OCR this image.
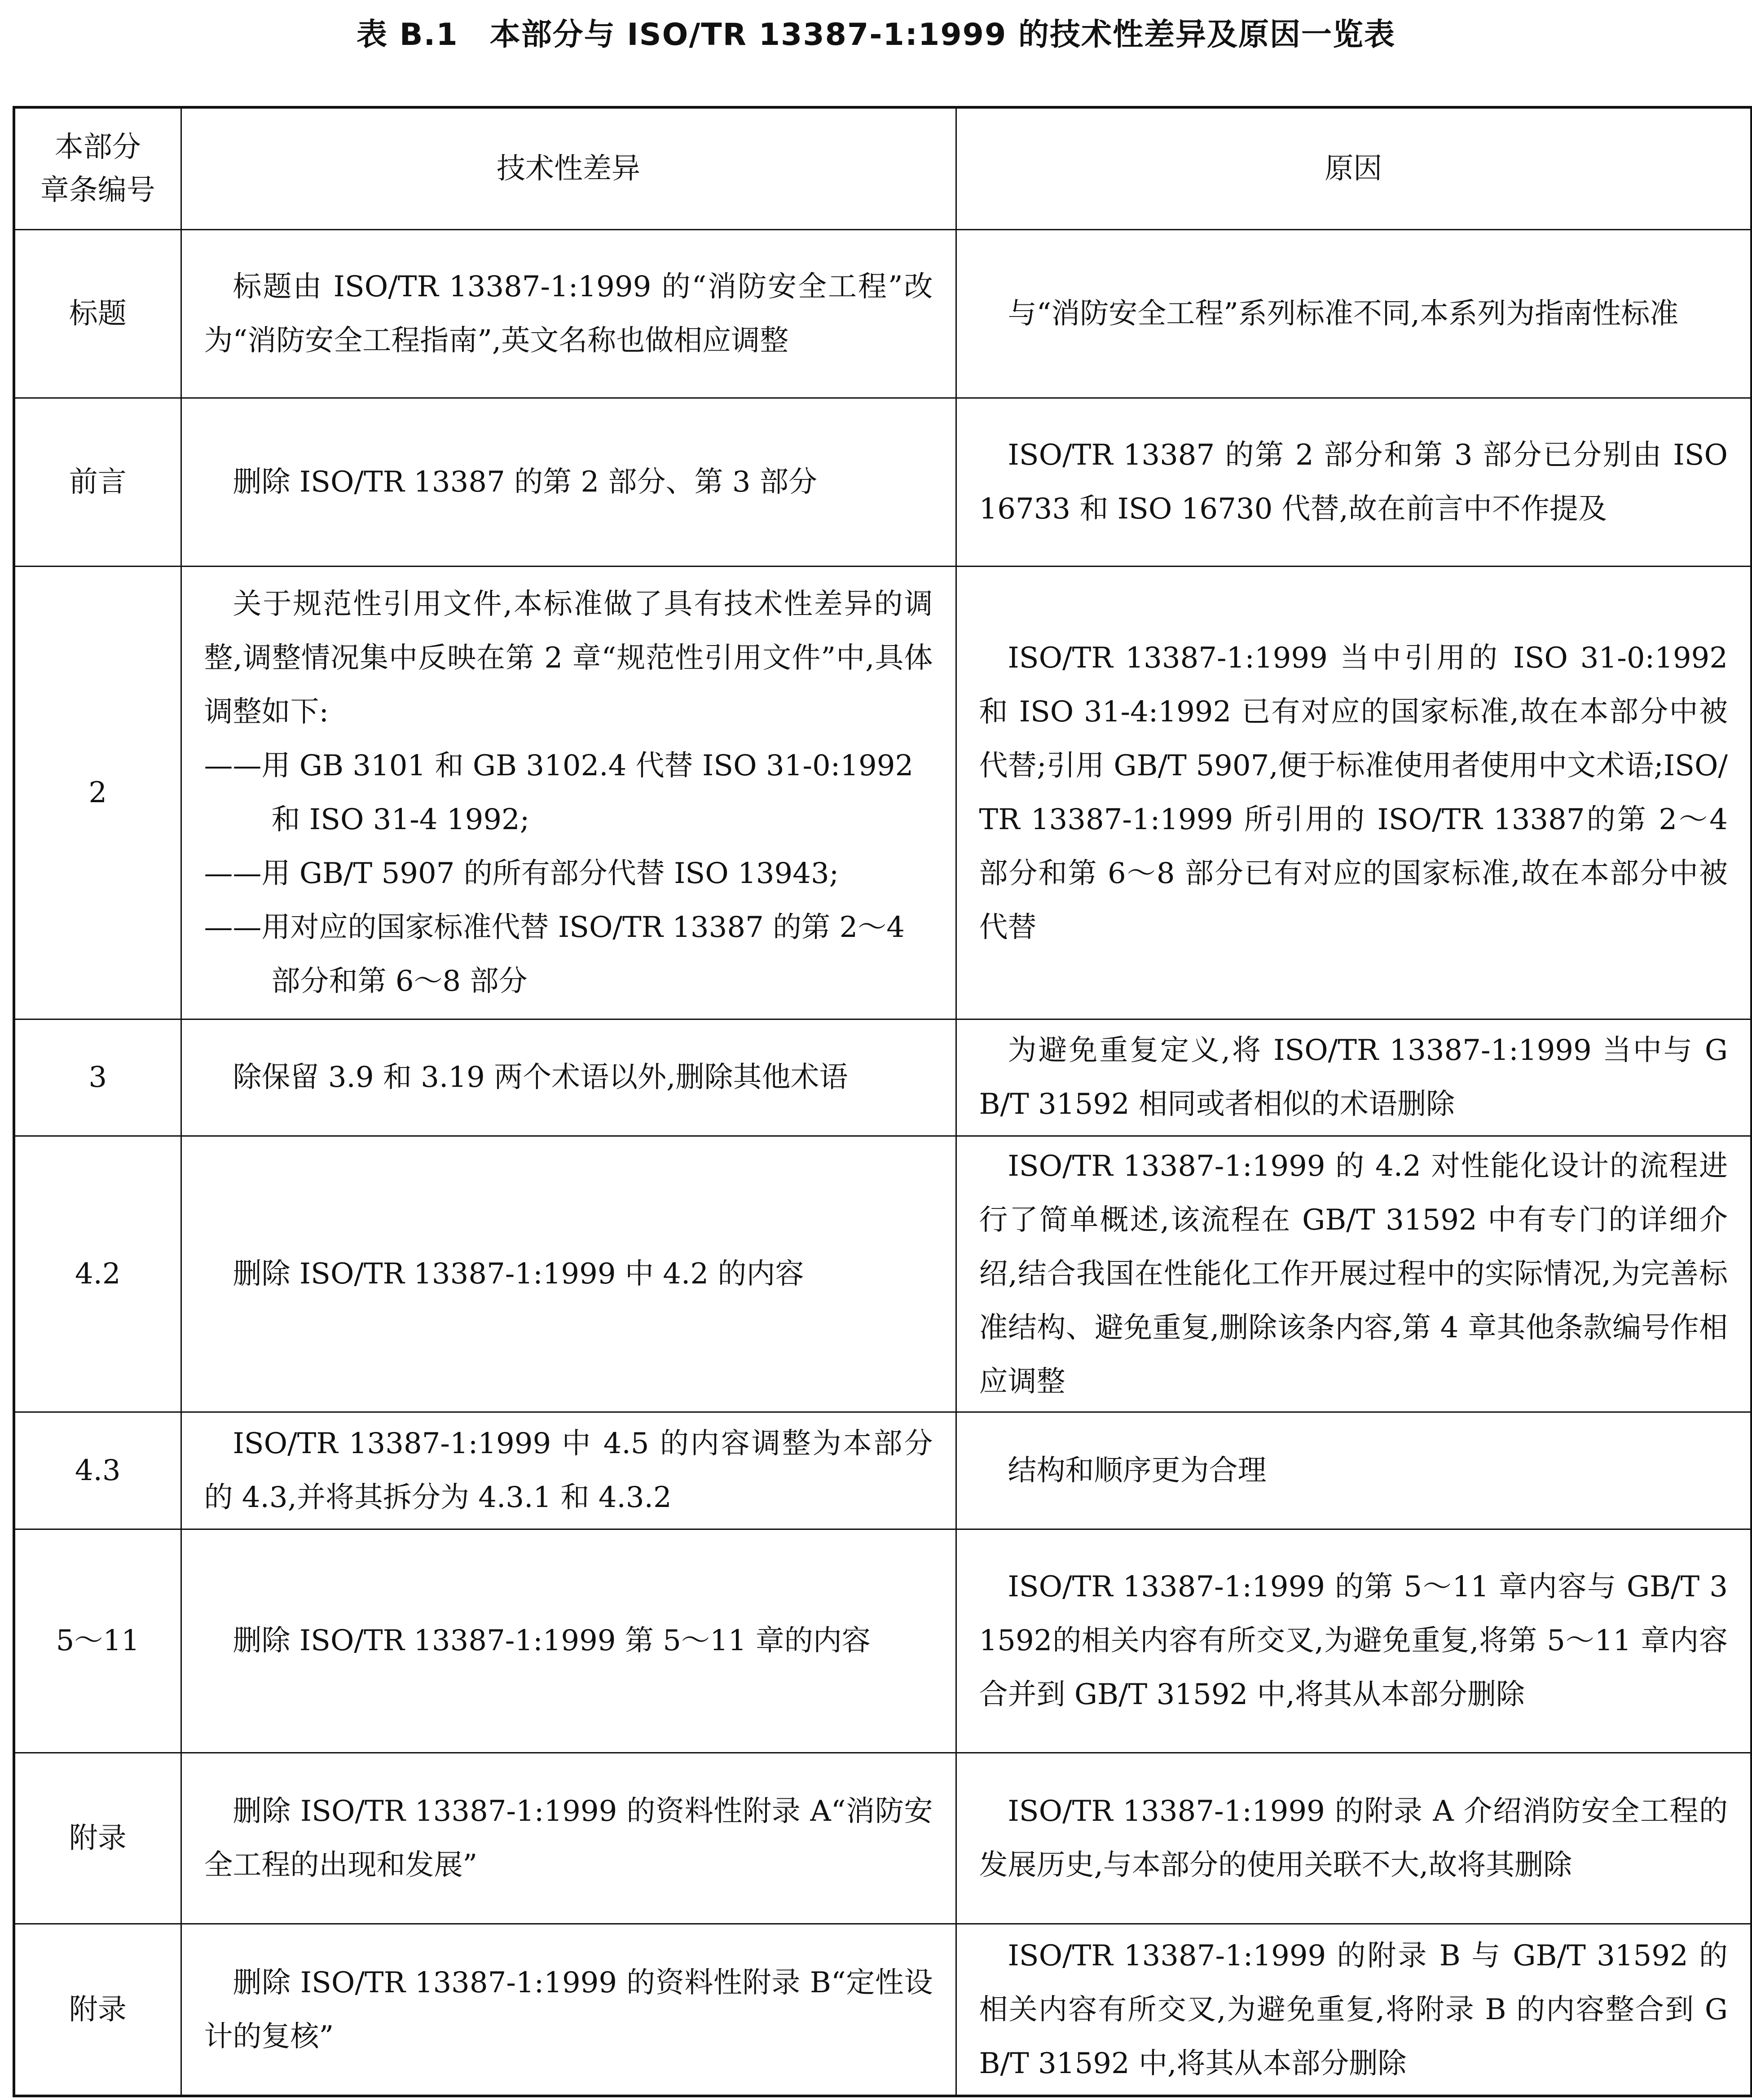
表 B.1　本部分与 ISO/TR 13387-1:1999 的技术性差异及原因一览表
本部分
章条编号	技术性差异	原因
标题	标题由 ISO/TR 13387-1:1999 的“消防安全工程”改为“消防安全工程指南”,英文名称也做相应调整	与“消防安全工程”系列标准不同,本系列为指南性标准
前言	删除 ISO/TR 13387 的第 2 部分、第 3 部分	ISO/TR 13387 的第 2 部分和第 3 部分已分别由 ISO 16733 和 ISO 16730 代替,故在前言中不作提及
2	关于规范性引用文件,本标准做了具有技术性差异的调整,调整情况集中反映在第 2 章“规范性引用文件”中,具体调整如下:
——用 GB 3101 和 GB 3102.4 代替 ISO 31-0:1992 和 ISO 31-4 1992;
——用 GB/T 5907 的所有部分代替 ISO 13943;
——用对应的国家标准代替 ISO/TR 13387 的第 2～4 部分和第 6～8 部分	ISO/TR 13387-1:1999 当中引用的 ISO 31-0:1992 和 ISO 31-4:1992 已有对应的国家标准,故在本部分中被代替;引用 GB/T 5907,便于标准使用者使用中文术语;ISO/TR 13387-1:1999 所引用的 ISO/TR 13387的第 2～4 部分和第 6～8 部分已有对应的国家标准,故在本部分中被代替
3	除保留 3.9 和 3.19 两个术语以外,删除其他术语	为避免重复定义,将 ISO/TR 13387-1:1999 当中与 GB/T 31592 相同或者相似的术语删除
4.2	删除 ISO/TR 13387-1:1999 中 4.2 的内容	ISO/TR 13387-1:1999 的 4.2 对性能化设计的流程进行了简单概述,该流程在 GB/T 31592 中有专门的详细介绍,结合我国在性能化工作开展过程中的实际情况,为完善标准结构、避免重复,删除该条内容,第 4 章其他条款编号作相应调整
4.3	ISO/TR 13387-1:1999 中 4.5 的内容调整为本部分的 4.3,并将其拆分为 4.3.1 和 4.3.2	结构和顺序更为合理
5～11	删除 ISO/TR 13387-1:1999 第 5～11 章的内容	ISO/TR 13387-1:1999 的第 5～11 章内容与 GB/T 31592的相关内容有所交叉,为避免重复,将第 5～11 章内容合并到 GB/T 31592 中,将其从本部分删除
附录	删除 ISO/TR 13387-1:1999 的资料性附录 A“消防安全工程的出现和发展”	ISO/TR 13387-1:1999 的附录 A 介绍消防安全工程的发展历史,与本部分的使用关联不大,故将其删除
附录	删除 ISO/TR 13387-1:1999 的资料性附录 B“定性设计的复核”	ISO/TR 13387-1:1999 的附录 B 与 GB/T 31592 的相关内容有所交叉,为避免重复,将附录 B 的内容整合到 GB/T 31592 中,将其从本部分删除
